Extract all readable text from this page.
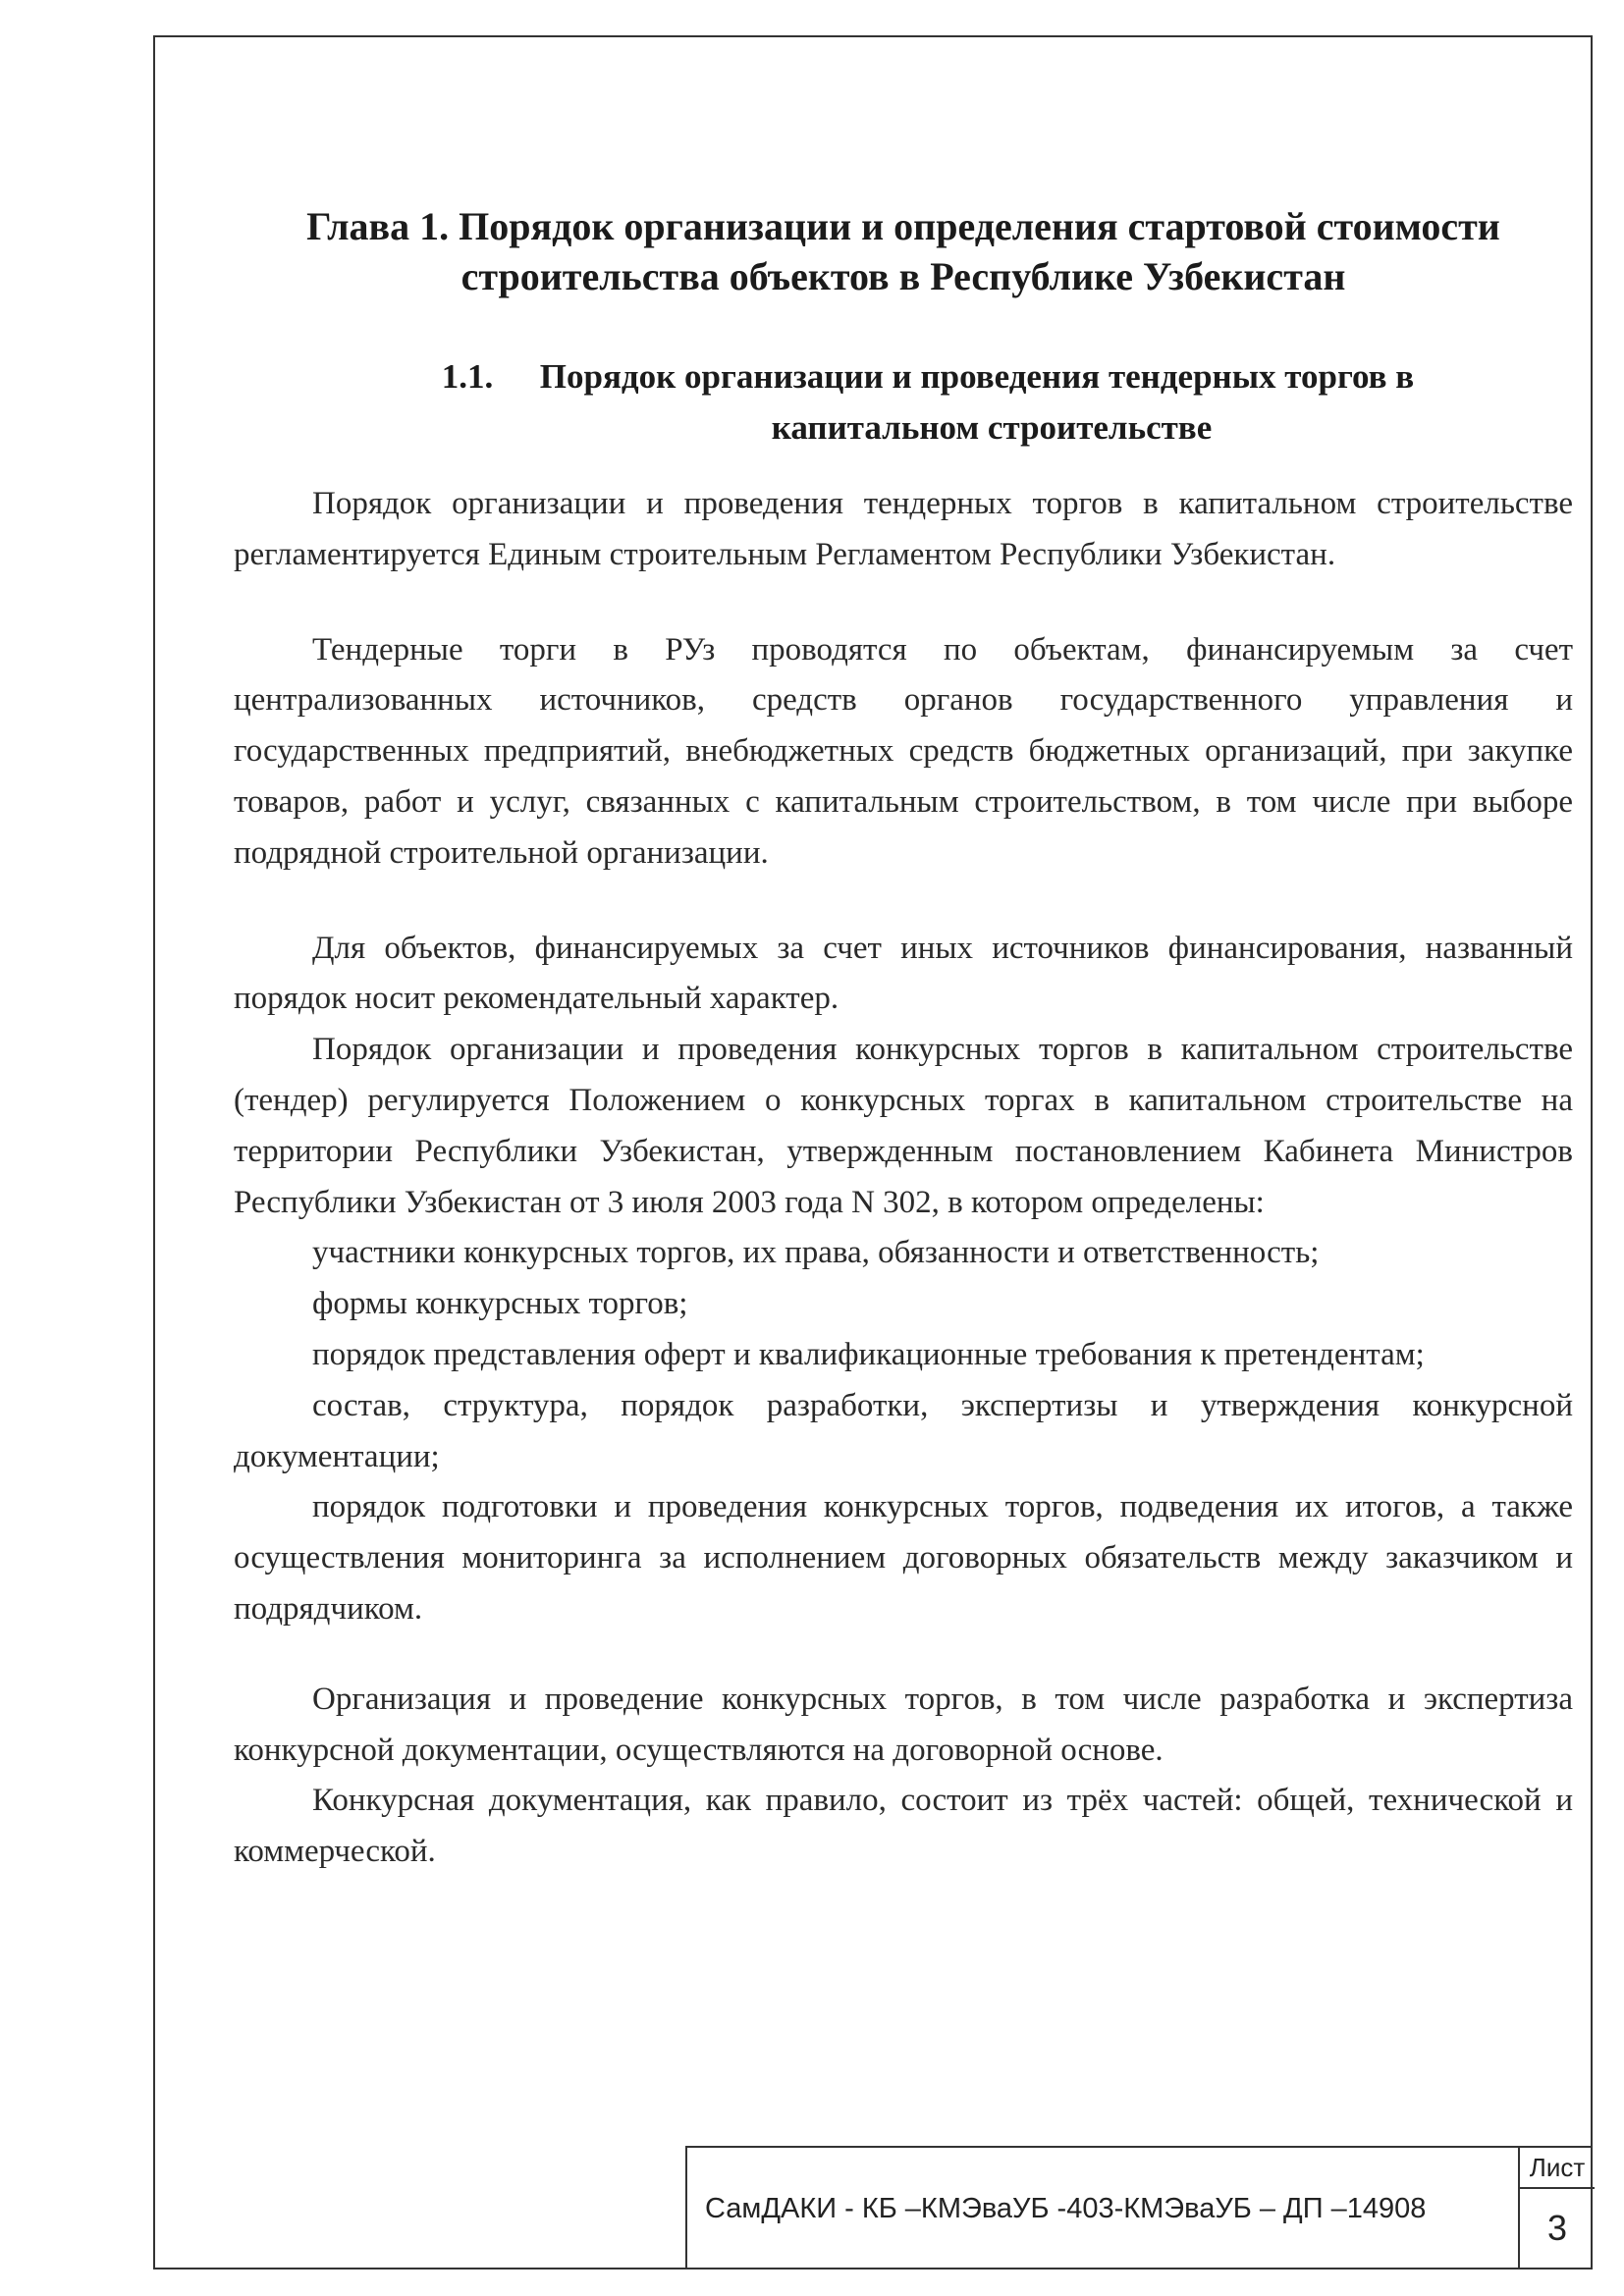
Глава 1. Порядок организации и определения стартовой стоимости строительства объектов в Республике Узбекистан
1.1.	Порядок организации и проведения тендерных торгов в
капитальном строительстве

Порядок организации и проведения тендерных торгов в капитальном строительстве регламентируется Единым строительным Регламентом Республики Узбекистан.

Тендерные торги в РУз проводятся по объектам, финансируемым за счет централизованных источников, средств органов государственного управления и государственных предприятий, внебюджетных средств бюджетных организаций, при закупке товаров, работ и услуг, связанных с капитальным строительством, в том числе при выборе подрядной строительной организации.

Для объектов, финансируемых за счет иных источников финансирования, названный порядок носит рекомендательный характер.

Порядок организации и проведения конкурсных торгов в капитальном строительстве (тендер) регулируется Положением о конкурсных торгах в капитальном строительстве на территории Республики Узбекистан, утвержденным постановлением Кабинета Министров Республики Узбекистан от 3 июля 2003 года N 302, в котором определены:

участники конкурсных торгов, их права, обязанности и ответственность;

формы конкурсных торгов;

порядок представления оферт и квалификационные требования к претендентам;

состав, структура, порядок разработки, экспертизы и утверждения конкурсной документации;

порядок подготовки и проведения конкурсных торгов, подведения их итогов, а также осуществления мониторинга за исполнением договорных обязательств между заказчиком и подрядчиком.

Организация и проведение конкурсных торгов, в том числе разработка и экспертиза конкурсной документации, осуществляются на договорной основе.

Конкурсная документация, как правило, состоит из трёх частей: общей, технической и коммерческой.

СамДАКИ - КБ –КМЭваУБ -403-КМЭваУБ – ДП –14908
Лист
3
